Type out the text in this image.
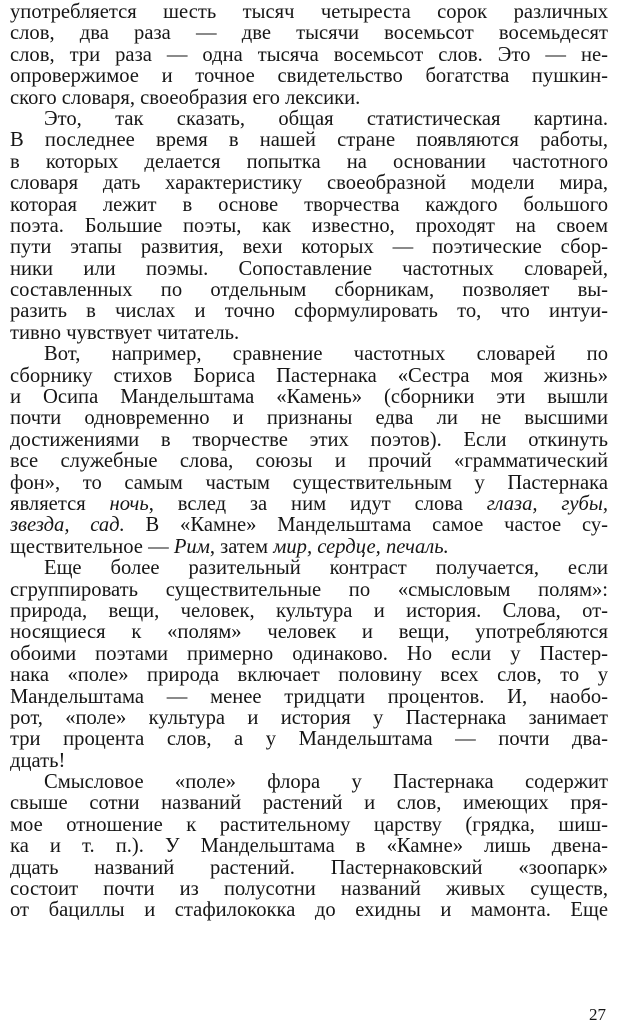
употребляется шесть тысяч четыреста сорок различных
слов, два раза — две тысячи восемьсот восемьдесят
слов, три раза — одна тысяча восемьсот слов. Это — не-
опровержимое и точное свидетельство богатства пушкин-
ского словаря, своеобразия его лексики.
Это, так сказать, общая статистическая картина.
В последнее время в нашей стране появляются работы,
в которых делается попытка на основании частотного
словаря дать характеристику своеобразной модели мира,
которая лежит в основе творчества каждого большого
поэта. Большие поэты, как известно, проходят на своем
пути этапы развития, вехи которых — поэтические сбор-
ники или поэмы. Сопоставление частотных словарей,
составленных по отдельным сборникам, позволяет вы-
разить в числах и точно сформулировать то, что интуи-
тивно чувствует читатель.
Вот, например, сравнение частотных словарей по
сборнику стихов Бориса Пастернака «Сестра моя жизнь»
и Осипа Мандельштама «Камень» (сборники эти вышли
почти одновременно и признаны едва ли не высшими
достижениями в творчестве этих поэтов). Если откинуть
все служебные слова, союзы и прочий «грамматический
фон», то самым частым существительным у Пастернака
является ночь, вслед за ним идут слова глаза, губы,
звезда, сад. В «Камне» Мандельштама самое частое су-
ществительное — Рим, затем мир, сердце, печаль.
Еще более разительный контраст получается, если
сгруппировать существительные по «смысловым полям»:
природа, вещи, человек, культура и история. Слова, от-
носящиеся к «полям» человек и вещи, употребляются
обоими поэтами примерно одинаково. Но если у Пастер-
нака «поле» природа включает половину всех слов, то у
Мандельштама — менее тридцати процентов. И, наобо-
рот, «поле» культура и история у Пастернака занимает
три процента слов, а у Мандельштама — почти два-
дцать!
Смысловое «поле» флора у Пастернака содержит
свыше сотни названий растений и слов, имеющих пря-
мое отношение к растительному царству (грядка, шиш-
ка и т. п.). У Мандельштама в «Камне» лишь двена-
дцать названий растений. Пастернаковский «зоопарк»
состоит почти из полусотни названий живых существ,
от бациллы и стафилококка до ехидны и мамонта. Еще
27
